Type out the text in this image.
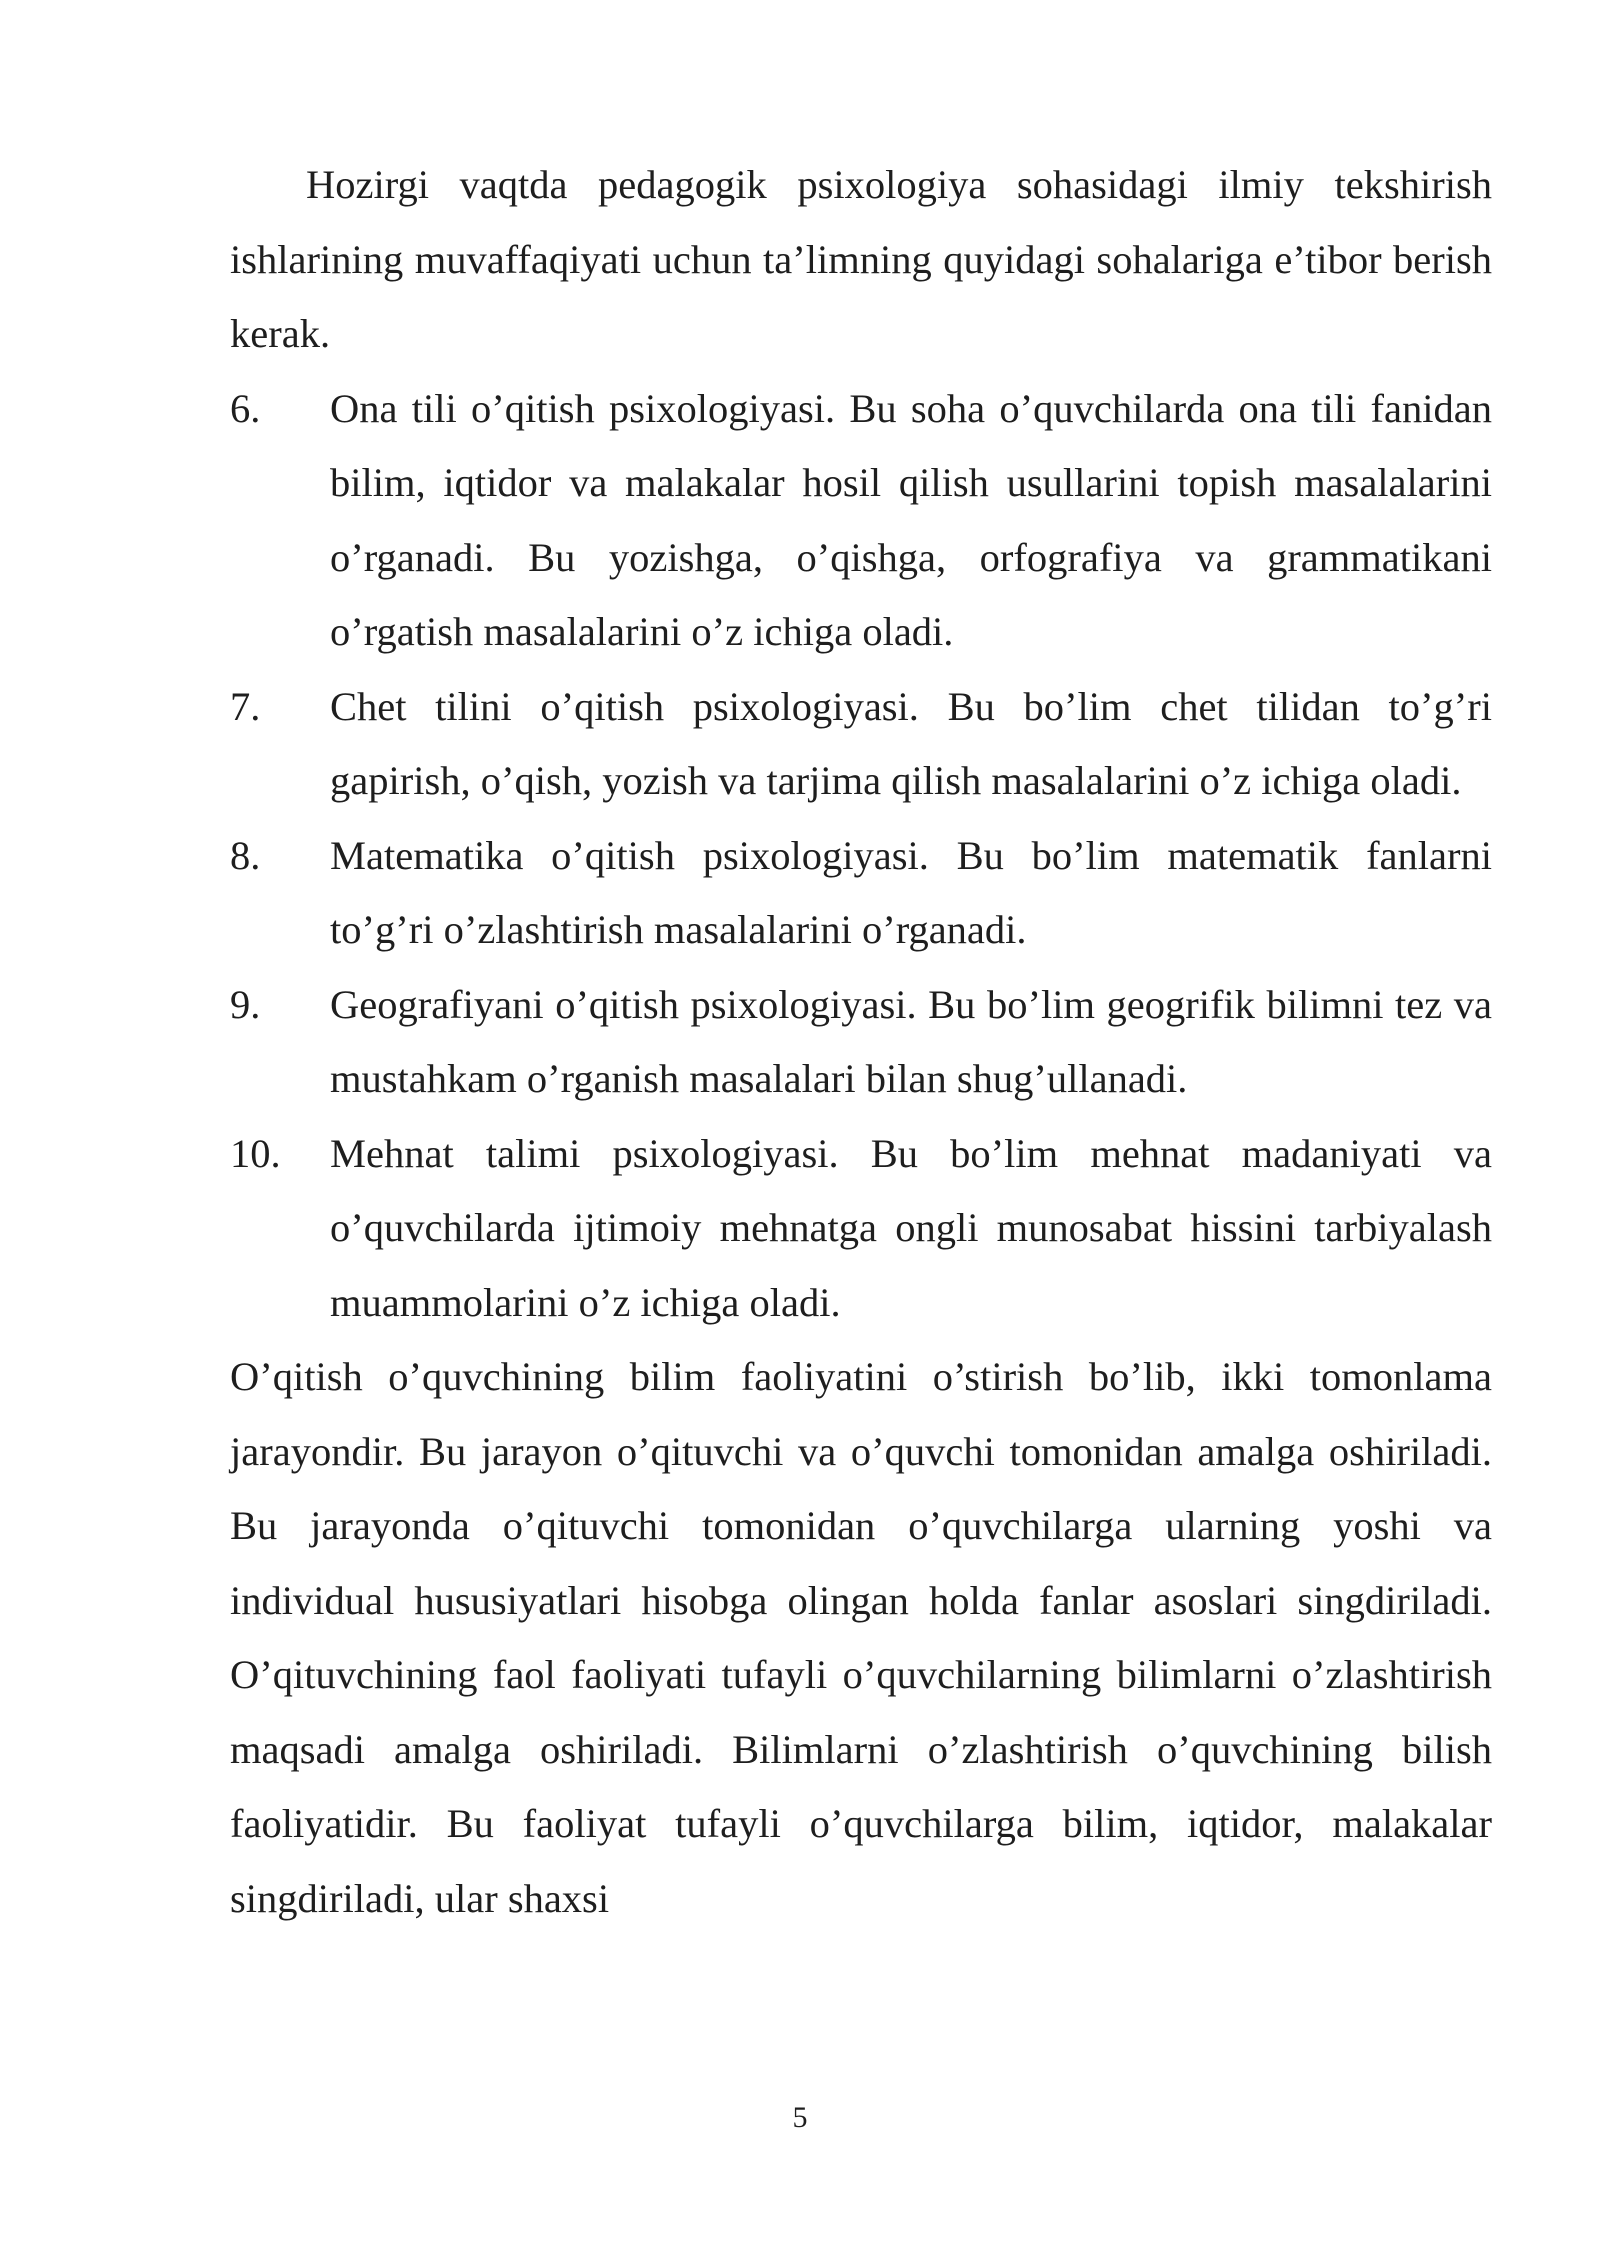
Hozirgi vaqtda pedagogik psixologiya sohasidagi ilmiy tekshirish ishlarining muvaffaqiyati uchun ta’limning quyidagi sohalariga e’tibor berish kerak.

6.	Ona tili o’qitish psixologiyasi. Bu soha o’quvchilarda ona tili fanidan bilim, iqtidor va malakalar hosil qilish usullarini topish masalalarini o’rganadi. Bu yozishga, o’qishga, orfografiya va grammatikani o’rgatish masalalarini o’z ichiga oladi.
7.	Chet tilini o’qitish psixologiyasi. Bu bo’lim chet tilidan to’g’ri gapirish, o’qish, yozish va tarjima qilish masalalarini o’z ichiga oladi.
8.	Matematika o’qitish psixologiyasi. Bu bo’lim matematik fanlarni to’g’ri o’zlashtirish masalalarini o’rganadi.
9.	Geografiyani o’qitish psixologiyasi. Bu bo’lim geogrifik bilimni tez va mustahkam o’rganish masalalari bilan shug’ullanadi.
10.	Mehnat talimi psixologiyasi. Bu bo’lim mehnat madaniyati va o’quvchilarda ijtimoiy mehnatga ongli munosabat hissini tarbiyalash muammolarini o’z ichiga oladi.

O’qitish o’quvchining bilim faoliyatini o’stirish bo’lib, ikki tomonlama jarayondir. Bu jarayon o’qituvchi va o’quvchi tomonidan amalga oshiriladi. Bu jarayonda o’qituvchi tomonidan o’quvchilarga ularning yoshi va individual hususiyatlari hisobga olingan holda fanlar asoslari singdiriladi. O’qituvchining faol faoliyati tufayli o’quvchilarning bilimlarni o’zlashtirish maqsadi amalga oshiriladi. Bilimlarni o’zlashtirish o’quvchining bilish faoliyatidir. Bu faoliyat tufayli o’quvchilarga bilim, iqtidor, malakalar singdiriladi, ular shaxsi

5
